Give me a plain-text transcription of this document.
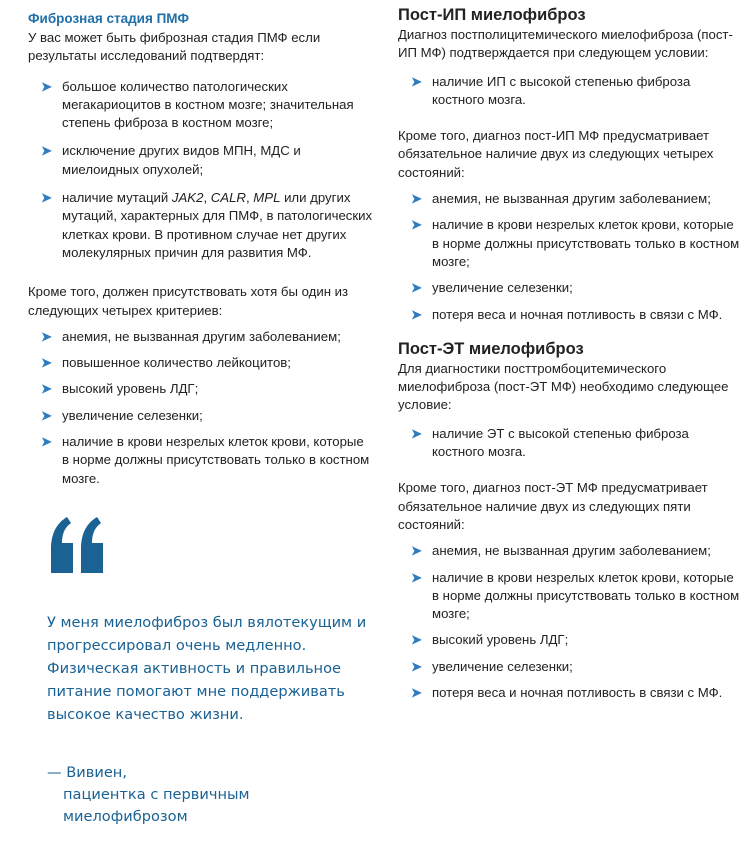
Фиброзная стадия ПМФ

У вас может быть фиброзная стадия ПМФ если результаты исследований подтвердят:

➤ большое количество патологических мегакариоцитов в костном мозге; значительная степень фиброза в костном мозге;
➤ исключение других видов МПН, МДС и миелоидных опухолей;
➤ наличие мутаций JAK2, CALR, MPL или других мутаций, характерных для ПМФ, в патологических клетках крови. В противном случае нет других молекулярных причин для развития МФ.

Кроме того, должен присутствовать хотя бы один из следующих четырех критериев:

➤ анемия, не вызванная другим заболеванием;
➤ повышенное количество лейкоцитов;
➤ высокий уровень ЛДГ;
➤ увеличение селезенки;
➤ наличие в крови незрелых клеток крови, которые в норме должны присутствовать только в костном мозге.
У меня миелофиброз был вялотекущим и прогрессировал очень медленно. Физическая активность и правильное питание помогают мне поддерживать высокое качество жизни.
— Вивиен,
пациентка с первичным
миелофиброзом
Пост-ИП миелофиброз

Диагноз постполицитемического миелофиброза (пост-ИП МФ) подтверждается при следующем условии:

➤ наличие ИП с высокой степенью фиброза костного мозга.

Кроме того, диагноз пост-ИП МФ предусматривает обязательное наличие двух из следующих четырех состояний:

➤ анемия, не вызванная другим заболеванием;
➤ наличие в крови незрелых клеток крови, которые в норме должны присутствовать только в костном мозге;
➤ увеличение селезенки;
➤ потеря веса и ночная потливость в связи с МФ.
Пост-ЭТ миелофиброз

Для диагностики посттромбоцитемического миелофиброза (пост-ЭТ МФ) необходимо следующее условие:

➤ наличие ЭТ с высокой степенью фиброза костного мозга.

Кроме того, диагноз пост-ЭТ МФ предусматривает обязательное наличие двух из следующих пяти состояний:

➤ анемия, не вызванная другим заболеванием;
➤ наличие в крови незрелых клеток крови, которые в норме должны присутствовать только в костном мозге;
➤ высокий уровень ЛДГ;
➤ увеличение селезенки;
➤ потеря веса и ночная потливость в связи с МФ.
